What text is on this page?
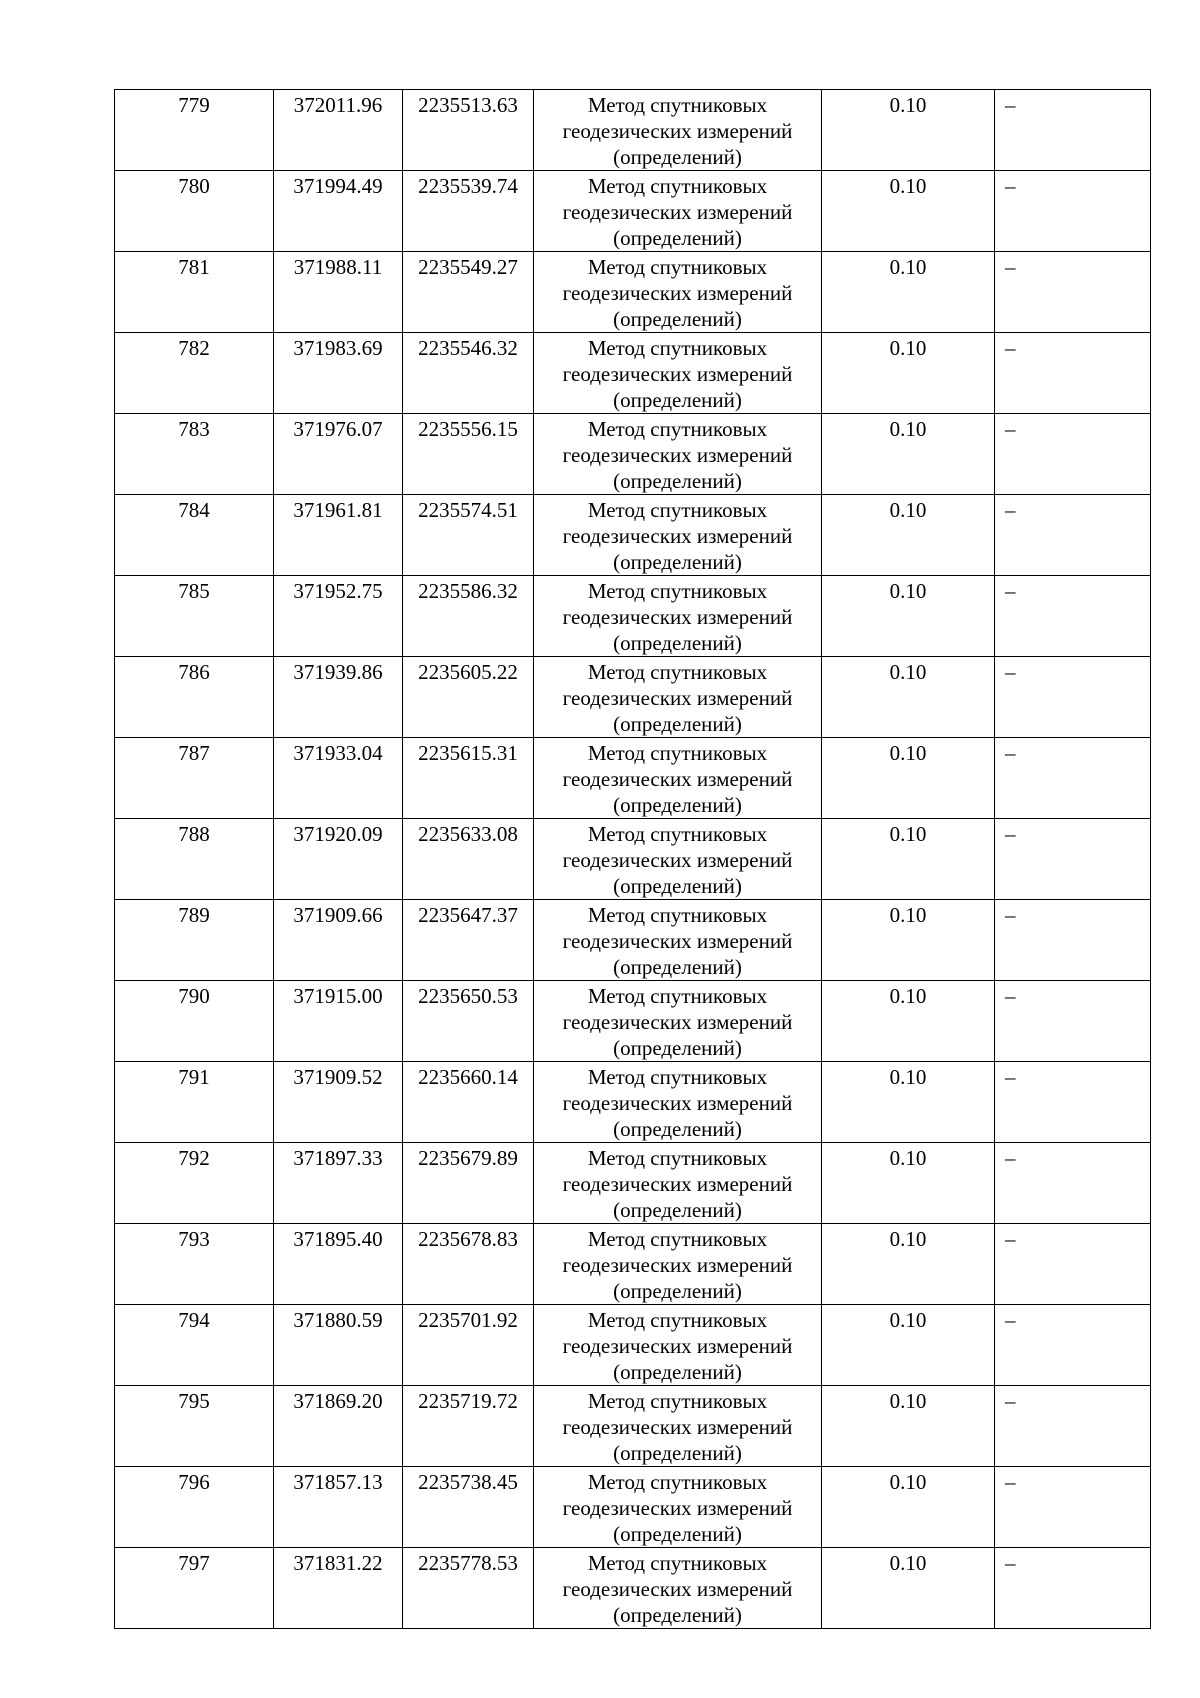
779	372011.96	2235513.63	Метод спутниковых геодезических измерений (определений)	0.10	–
780	371994.49	2235539.74	Метод спутниковых геодезических измерений (определений)	0.10	–
781	371988.11	2235549.27	Метод спутниковых геодезических измерений (определений)	0.10	–
782	371983.69	2235546.32	Метод спутниковых геодезических измерений (определений)	0.10	–
783	371976.07	2235556.15	Метод спутниковых геодезических измерений (определений)	0.10	–
784	371961.81	2235574.51	Метод спутниковых геодезических измерений (определений)	0.10	–
785	371952.75	2235586.32	Метод спутниковых геодезических измерений (определений)	0.10	–
786	371939.86	2235605.22	Метод спутниковых геодезических измерений (определений)	0.10	–
787	371933.04	2235615.31	Метод спутниковых геодезических измерений (определений)	0.10	–
788	371920.09	2235633.08	Метод спутниковых геодезических измерений (определений)	0.10	–
789	371909.66	2235647.37	Метод спутниковых геодезических измерений (определений)	0.10	–
790	371915.00	2235650.53	Метод спутниковых геодезических измерений (определений)	0.10	–
791	371909.52	2235660.14	Метод спутниковых геодезических измерений (определений)	0.10	–
792	371897.33	2235679.89	Метод спутниковых геодезических измерений (определений)	0.10	–
793	371895.40	2235678.83	Метод спутниковых геодезических измерений (определений)	0.10	–
794	371880.59	2235701.92	Метод спутниковых геодезических измерений (определений)	0.10	–
795	371869.20	2235719.72	Метод спутниковых геодезических измерений (определений)	0.10	–
796	371857.13	2235738.45	Метод спутниковых геодезических измерений (определений)	0.10	–
797	371831.22	2235778.53	Метод спутниковых геодезических измерений (определений)	0.10	–
